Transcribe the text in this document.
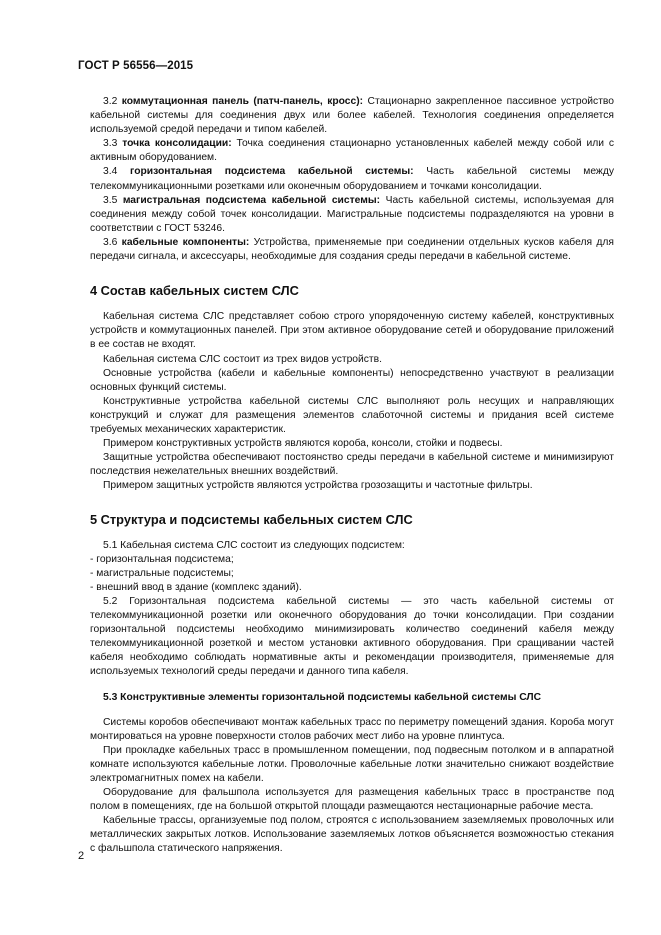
ГОСТ Р 56556—2015

3.2 коммутационная панель (патч-панель, кросс): Стационарно закрепленное пассивное устройство кабельной системы для соединения двух или более кабелей. Технология соединения определяется используемой средой передачи и типом кабелей.

3.3 точка консолидации: Точка соединения стационарно установленных кабелей между собой или с активным оборудованием.

3.4 горизонтальная подсистема кабельной системы: Часть кабельной системы между телекоммуникационными розетками или оконечным оборудованием и точками консолидации.

3.5 магистральная подсистема кабельной системы: Часть кабельной системы, используемая для соединения между собой точек консолидации. Магистральные подсистемы подразделяются на уровни в соответствии с ГОСТ 53246.

3.6 кабельные компоненты: Устройства, применяемые при соединении отдельных кусков кабеля для передачи сигнала, и аксессуары, необходимые для создания среды передачи в кабельной системе.

4 Состав кабельных систем СЛС

Кабельная система СЛС представляет собою строго упорядоченную систему кабелей, конструктивных устройств и коммутационных панелей. При этом активное оборудование сетей и оборудование приложений в ее состав не входят.

Кабельная система СЛС состоит из трех видов устройств.

Основные устройства (кабели и кабельные компоненты) непосредственно участвуют в реализации основных функций системы.

Конструктивные устройства кабельной системы СЛС выполняют роль несущих и направляющих конструкций и служат для размещения элементов слаботочной системы и придания всей системе требуемых механических характеристик.

Примером конструктивных устройств являются короба, консоли, стойки и подвесы.

Защитные устройства обеспечивают постоянство среды передачи в кабельной системе и минимизируют последствия нежелательных внешних воздействий.

Примером защитных устройств являются устройства грозозащиты и частотные фильтры.

5 Структура и подсистемы кабельных систем СЛС

5.1 Кабельная система СЛС состоит из следующих подсистем:

- горизонтальная подсистема;

- магистральные подсистемы;

- внешний ввод в здание (комплекс зданий).

5.2 Горизонтальная подсистема кабельной системы — это часть кабельной системы от телекоммуникационной розетки или оконечного оборудования до точки консолидации. При создании горизонтальной подсистемы необходимо минимизировать количество соединений кабеля между телекоммуникационной розеткой и местом установки активного оборудования. При сращивании частей кабеля необходимо соблюдать нормативные акты и рекомендации производителя, применяемые для используемых технологий среды передачи и данного типа кабеля.

5.3 Конструктивные элементы горизонтальной подсистемы кабельной системы СЛС

Системы коробов обеспечивают монтаж кабельных трасс по периметру помещений здания. Короба могут монтироваться на уровне поверхности столов рабочих мест либо на уровне плинтуса.

При прокладке кабельных трасс в промышленном помещении, под подвесным потолком и в аппаратной комнате используются кабельные лотки. Проволочные кабельные лотки значительно снижают воздействие электромагнитных помех на кабели.

Оборудование для фальшпола используется для размещения кабельных трасс в пространстве под полом в помещениях, где на большой открытой площади размещаются нестационарные рабочие места.

Кабельные трассы, организуемые под полом, строятся с использованием заземляемых проволочных или металлических закрытых лотков. Использование заземляемых лотков объясняется возможностью стекания с фальшпола статического напряжения.

2
